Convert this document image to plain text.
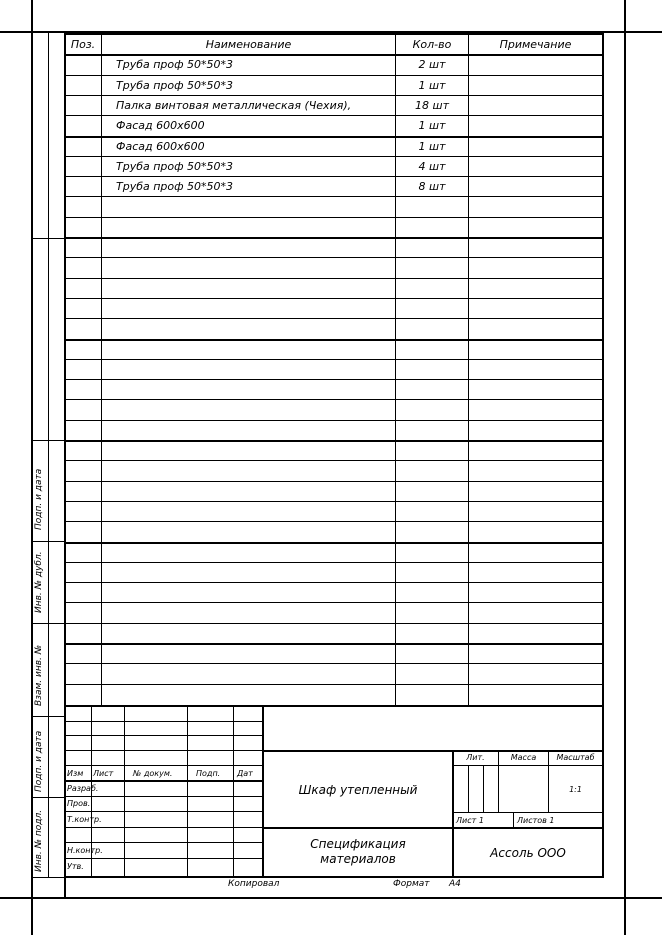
Подп. и дата
Инв. № дубл.
Взам. инв. №
Подп. и дата
Инв. № подл.
Поз.	Наименование	Кол-во	Примечание
Труба проф 50*50*3	2 шт
Труба проф 50*50*3	1 шт
Палка винтовая металлическая (Чехия),	18 шт
Фасад 600х600	1 шт
Фасад 600х600	1 шт
Труба проф 50*50*3	4 шт
Труба проф 50*50*3	8 шт
Изм Лист № докум.	Подп. Дат
Разраб.
Пров.
Т.контр.
Н.контр.
Утв.
Шкаф утепленный
Спецификация
материалов
Лит.	Масса	Масштаб
1:1
Лист 1	Листов 1
Ассоль ООО
Копировал	Формат А4
